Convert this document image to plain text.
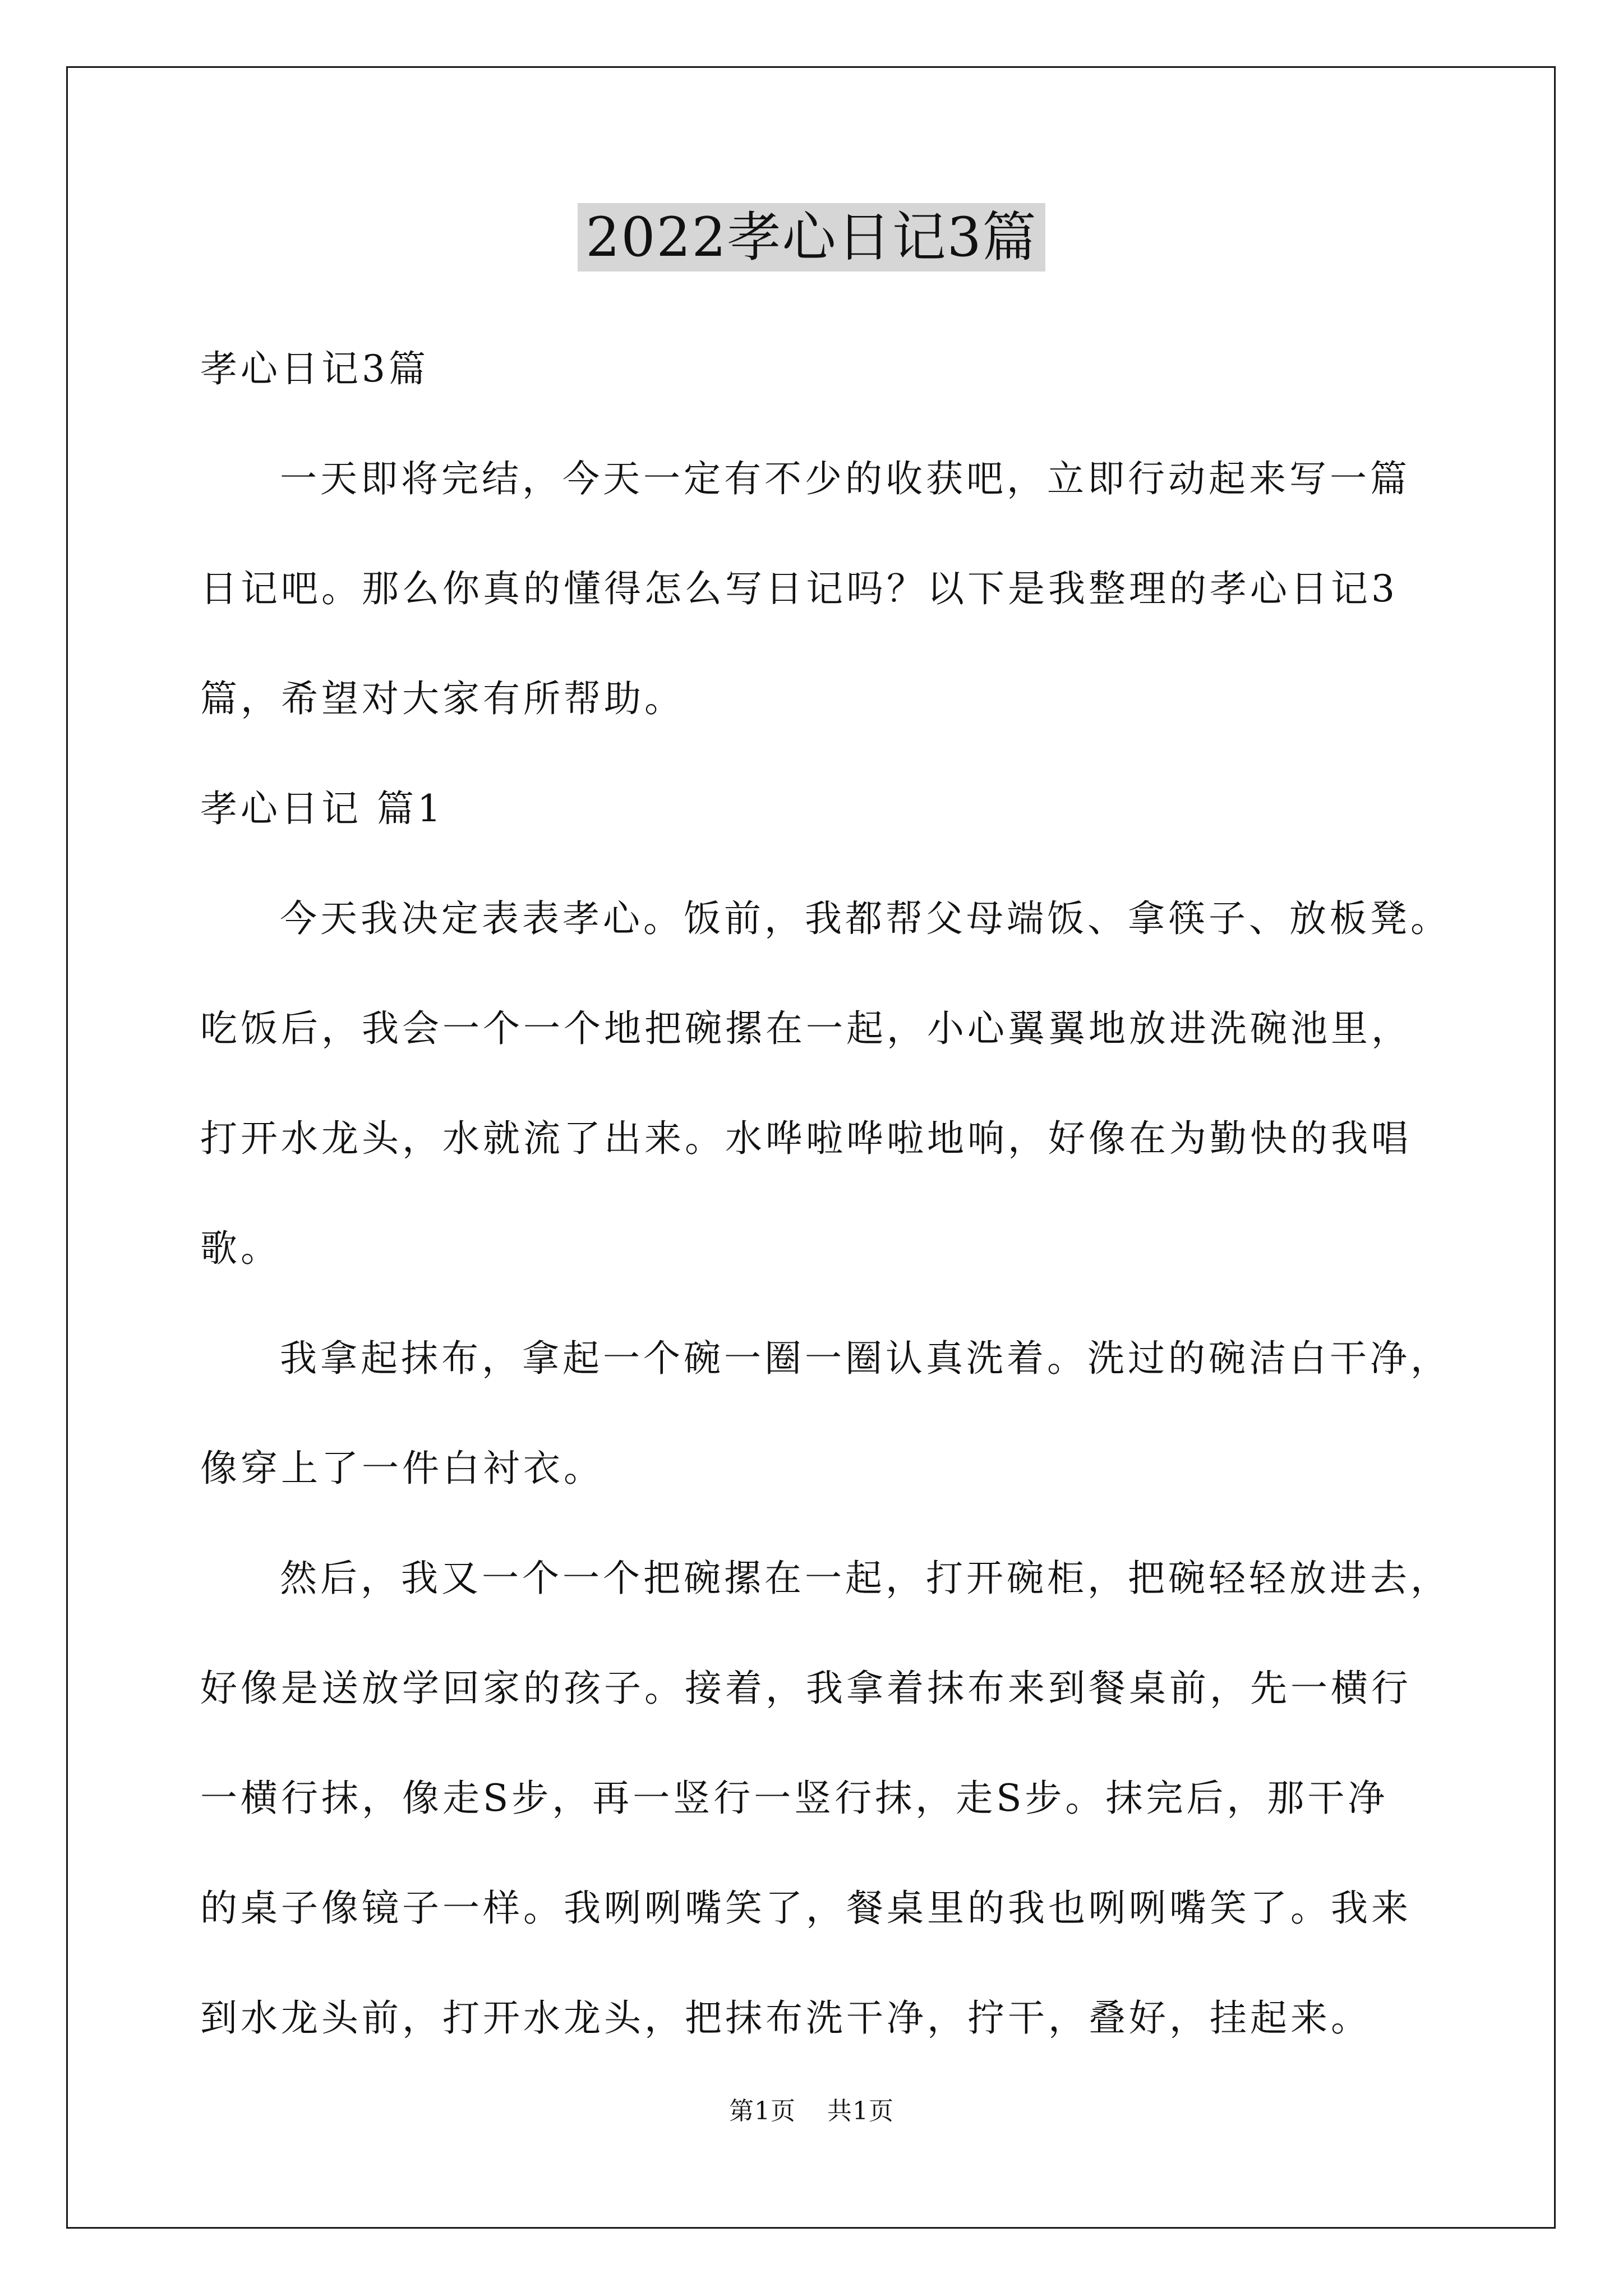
2022孝心日记3篇
孝心日记3篇
一天即将完结，今天一定有不少的收获吧，立即行动起来写一篇
日记吧。那么你真的懂得怎么写日记吗？以下是我整理的孝心日记3
篇，希望对大家有所帮助。
孝心日记 篇1
今天我决定表表孝心。饭前，我都帮父母端饭、拿筷子、放板凳。
吃饭后，我会一个一个地把碗摞在一起，小心翼翼地放进洗碗池里，
打开水龙头，水就流了出来。水哗啦哗啦地响，好像在为勤快的我唱
歌。
我拿起抹布，拿起一个碗一圈一圈认真洗着。洗过的碗洁白干净，
像穿上了一件白衬衣。
然后，我又一个一个把碗摞在一起，打开碗柜，把碗轻轻放进去，
好像是送放学回家的孩子。接着，我拿着抹布来到餐桌前，先一横行
一横行抹，像走S步，再一竖行一竖行抹，走S步。抹完后，那干净
的桌子像镜子一样。我咧咧嘴笑了，餐桌里的我也咧咧嘴笑了。我来
到水龙头前，打开水龙头，把抹布洗干净，拧干，叠好，挂起来。
第1页 共1页
